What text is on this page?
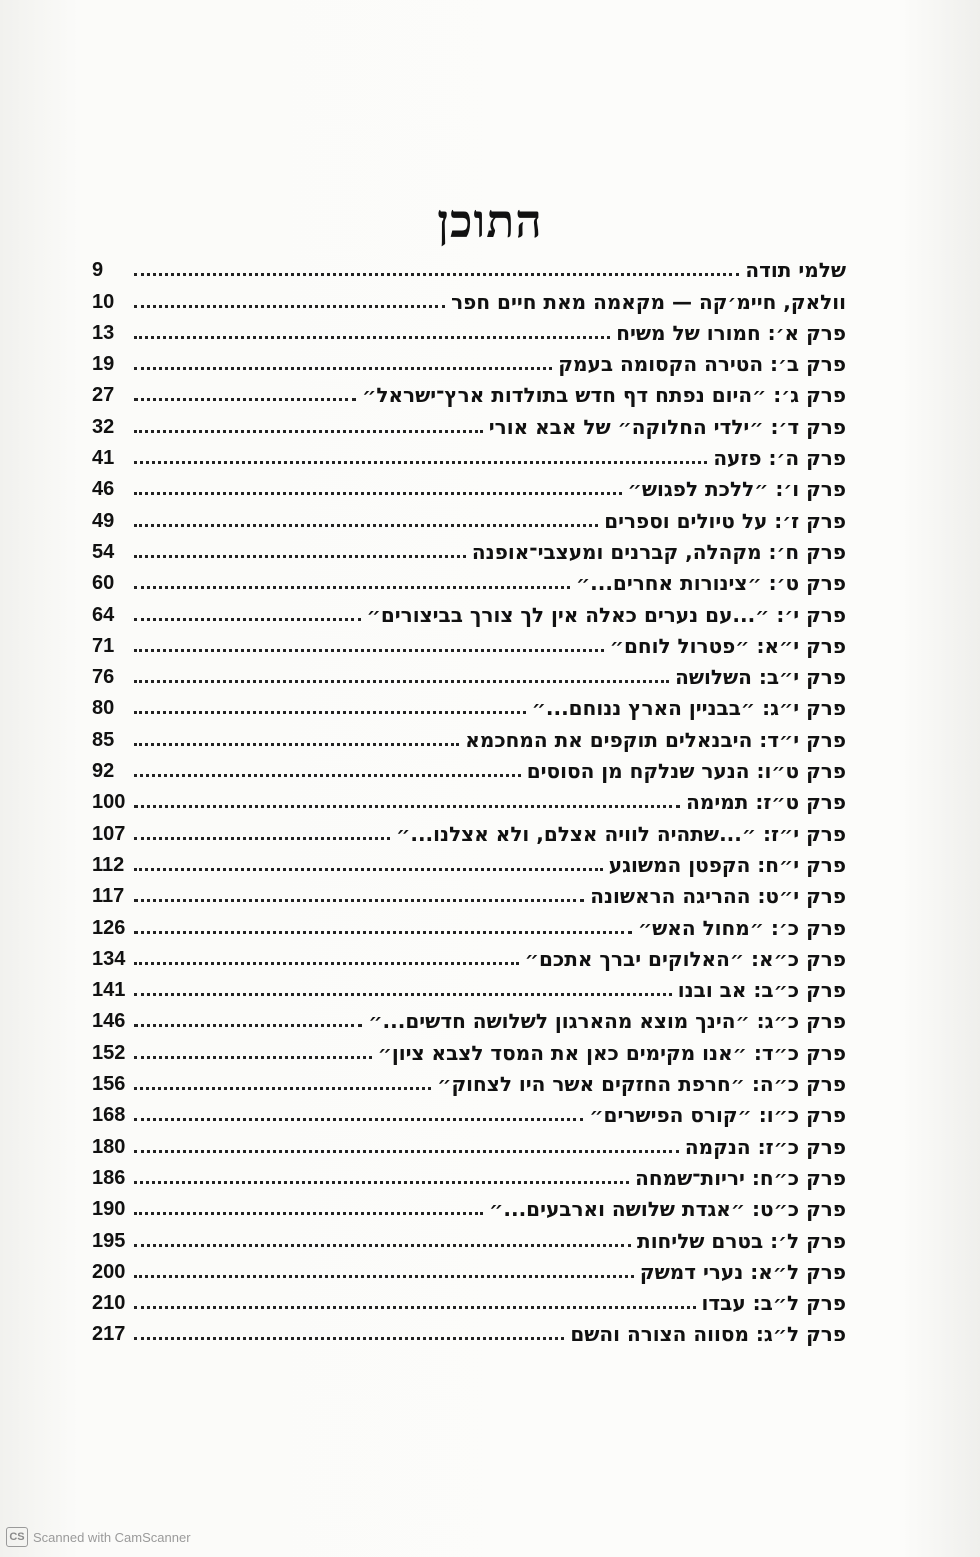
התוכן
שלמי תודה
9
וולאק, חיימ׳קה — מקאמה מאת חיים חפר
10
פרק א׳: חמורו של משיח
13
פרק ב׳: הטירה הקסומה בעמק
19
פרק ג׳: ״היום נפתח דף חדש בתולדות ארץ־ישראל״
27
פרק ד׳: ״ילדי החלוקה״ של אבא אורי
32
פרק ה׳: פזעה
41
פרק ו׳: ״ללכת לפגוש״
46
פרק ז׳: על טיולים וספרים
49
פרק ח׳: מקהלה, קברנים ומעצבי־אופנה
54
פרק ט׳: ״צינורות אחרים...״
60
פרק י׳: ״...עם נערים כאלה אין לך צורך בביצורים״
64
פרק י״א: ״פטרול לוחם״
71
פרק י״ב: השלושה
76
פרק י״ג: ״בבניין הארץ ננוחם...״
80
פרק י״ד: היבנאלים תוקפים את המחכמא
85
פרק ט״ו: הנער שנלקח מן הסוסים
92
פרק ט״ז: תמימה
100
פרק י״ז: ״...שתהיה לוויה אצלם, ולא אצלנו...״
107
פרק י״ח: הקפטן המשוגע
112
פרק י״ט: ההריגה הראשונה
117
פרק כ׳: ״מחול האש״
126
פרק כ״א: ״האלוקים יברך אתכם״
134
פרק כ״ב: אב ובנו
141
פרק כ״ג: ״הינך מוצא מהארגון לשלושה חדשים...״
146
פרק כ״ד: ״אנו מקימים כאן את המסד לצבא ציון״
152
פרק כ״ה: ״חרפת החזקים אשר היו לצחוק״
156
פרק כ״ו: ״קורס הפישרים״
168
פרק כ״ז: הנקמה
180
פרק כ״ח: יריות־שמחה
186
פרק כ״ט: ״אגדת שלושה וארבעים...״
190
פרק ל׳: בטרם שליחות
195
פרק ל״א: נערי דמשק
200
פרק ל״ב: עבדו
210
פרק ל״ג: מסווה הצורה והשם
217
CS Scanned with CamScanner
